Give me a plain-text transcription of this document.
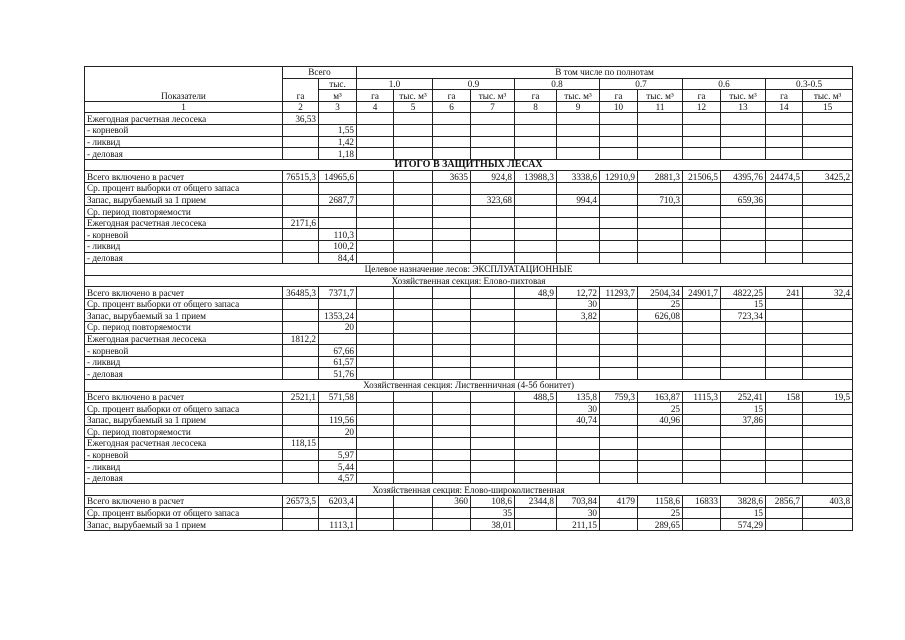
Показатели	Всего		В том числе по полнотам											
	га	тыс.	1.0		0.9		0.8		0.7		0.6		0.3-0.5	
		м³	га	тыс. м³	га	тыс. м³	га	тыс. м³	га	тыс. м³	га	тыс. м³	га	тыс. м³
1	2	3	4	5	6	7	8	9	10	11	12	13	14	15
Ежегодная расчетная лесосека	36,53													
- корневой		1,55												
- ликвид		1,42												
- деловая		1,18												
ИТОГО В ЗАЩИТНЫХ ЛЕСАХ														
Всего включено в расчет	76515,3	14965,6			3635	924,8	13988,3	3338,6	12910,9	2881,3	21506,5	4395,76	24474,5	3425,2
Ср. процент выборки от общего запаса														
Запас, вырубаемый за 1 прием		2687,7				323,68		994,4		710,3		659,36		
Ср. период повторяемости														
Ежегодная расчетная лесосека	2171,6													
- корневой		110,3												
- ликвид		100,2												
- деловая		84,4												
Целевое назначение лесов: ЭКСПЛУАТАЦИОННЫЕ														
Хозяйственная секция: Елово-пихтовая														
Всего включено в расчет	36485,3	7371,7					48,9	12,72	11293,7	2504,34	24901,7	4822,25	241	32,4
Ср. процент выборки от общего запаса								30		25		15		
Запас, вырубаемый за 1 прием		1353,24						3,82		626,08		723,34		
Ср. период повторяемости		20												
Ежегодная расчетная лесосека	1812,2													
- корневой		67,66												
- ликвид		61,57												
- деловая		51,76												
Хозяйственная секция: Лиственничная (4-5б бонитет)														
Всего включено в расчет	2521,1	571,58					488,5	135,8	759,3	163,87	1115,3	252,41	158	19,5
Ср. процент выборки от общего запаса								30		25		15		
Запас, вырубаемый за 1 прием		119,56						40,74		40,96		37,86		
Ср. период повторяемости		20												
Ежегодная расчетная лесосека	118,15													
- корневой		5,97												
- ликвид		5,44												
- деловая		4,57												
Хозяйственная секция: Елово-широколиственная														
Всего включено в расчет	26573,5	6203,4			360	108,6	2344,8	703,84	4179	1158,6	16833	3828,6	2856,7	403,8
Ср. процент выборки от общего запаса						35		30		25		15		
Запас, вырубаемый за 1 прием		1113,1				38,01		211,15		289,65		574,29		
